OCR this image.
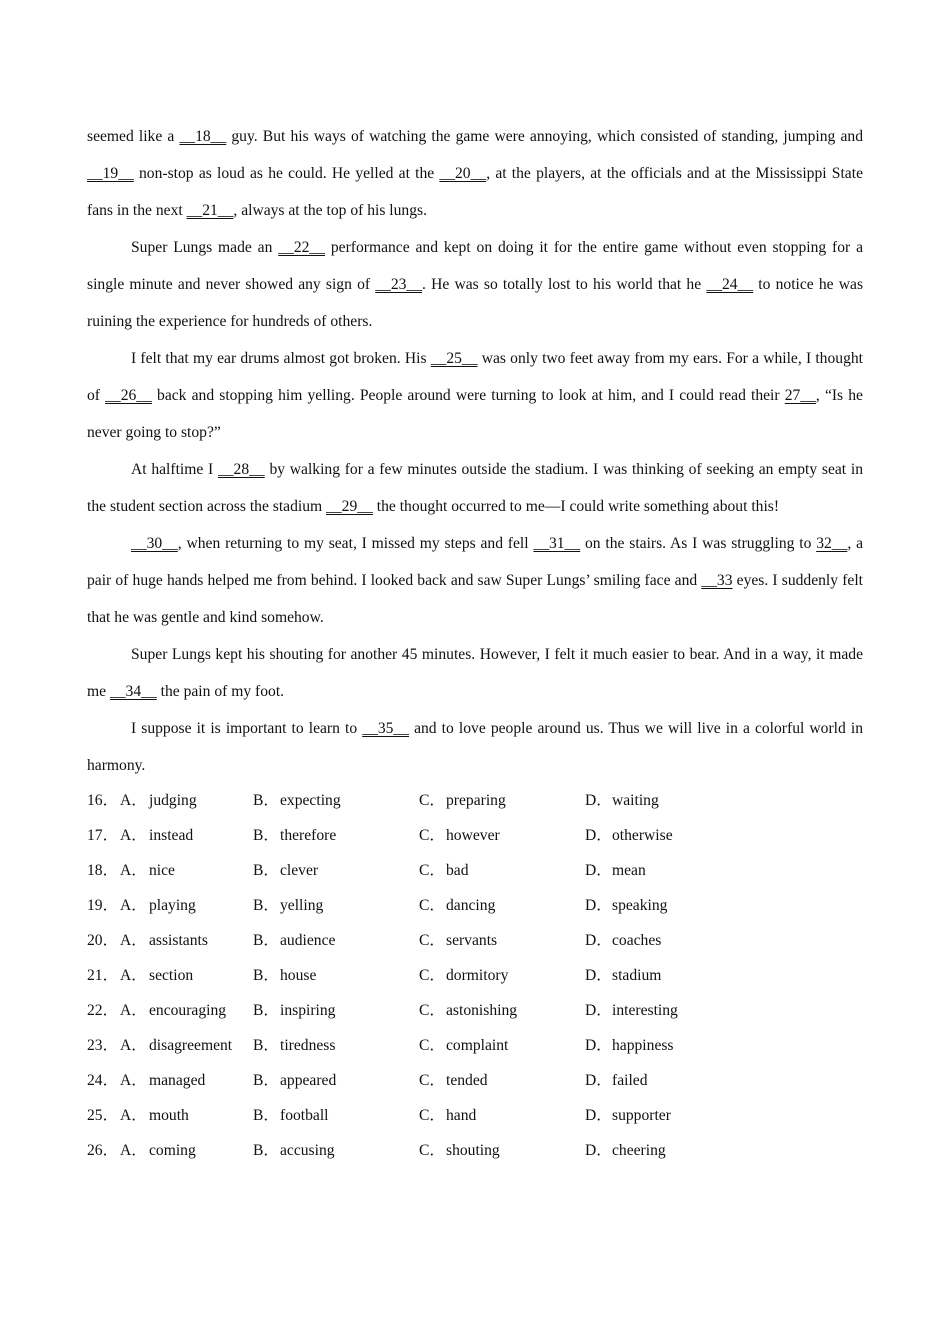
seemed like a __18__ guy. But his ways of watching the game were annoying, which consisted of standing, jumping and __19__ non-stop as loud as he could. He yelled at the __20__, at the players, at the officials and at the Mississippi State fans in the next __21__, always at the top of his lungs.

Super Lungs made an __22__ performance and kept on doing it for the entire game without even stopping for a single minute and never showed any sign of __23__. He was so totally lost to his world that he __24__ to notice he was ruining the experience for hundreds of others.

I felt that my ear drums almost got broken. His __25__ was only two feet away from my ears. For a while, I thought of __26__ back and stopping him yelling. People around were turning to look at him, and I could read their 27__, “Is he never going to stop?”

At halftime I __28__ by walking for a few minutes outside the stadium. I was thinking of seeking an empty seat in the student section across the stadium __29__ the thought occurred to me—I could write something about this!

__30__, when returning to my seat, I missed my steps and fell __31__ on the stairs. As I was struggling to 32__, a pair of huge hands helped me from behind. I looked back and saw Super Lungs’ smiling face and __33 eyes. I suddenly felt that he was gentle and kind somehow.

Super Lungs kept his shouting for another 45 minutes. However, I felt it much easier to bear. And in a way, it made me __34__ the pain of my foot.

I suppose it is important to learn to __35__ and to love people around us. Thus we will live in a colorful world in harmony.

16． A． judging	B． expecting	C． preparing	D． waiting
17． A． instead	B． therefore	C． however	D． otherwise
18． A． nice	B． clever	C． bad	D． mean
19． A． playing	B． yelling	C． dancing	D． speaking
20． A． assistants	B． audience	C． servants	D． coaches
21． A． section	B． house	C． dormitory	D． stadium
22． A． encouraging B． inspiring	C． astonishing	D． interesting
23． A． disagreement B． tiredness	C． complaint	D． happiness
24． A． managed	B． appeared	C． tended	D． failed
25． A． mouth	B． football	C． hand	D． supporter
26． A． coming	B． accusing	C． shouting	D． cheering
